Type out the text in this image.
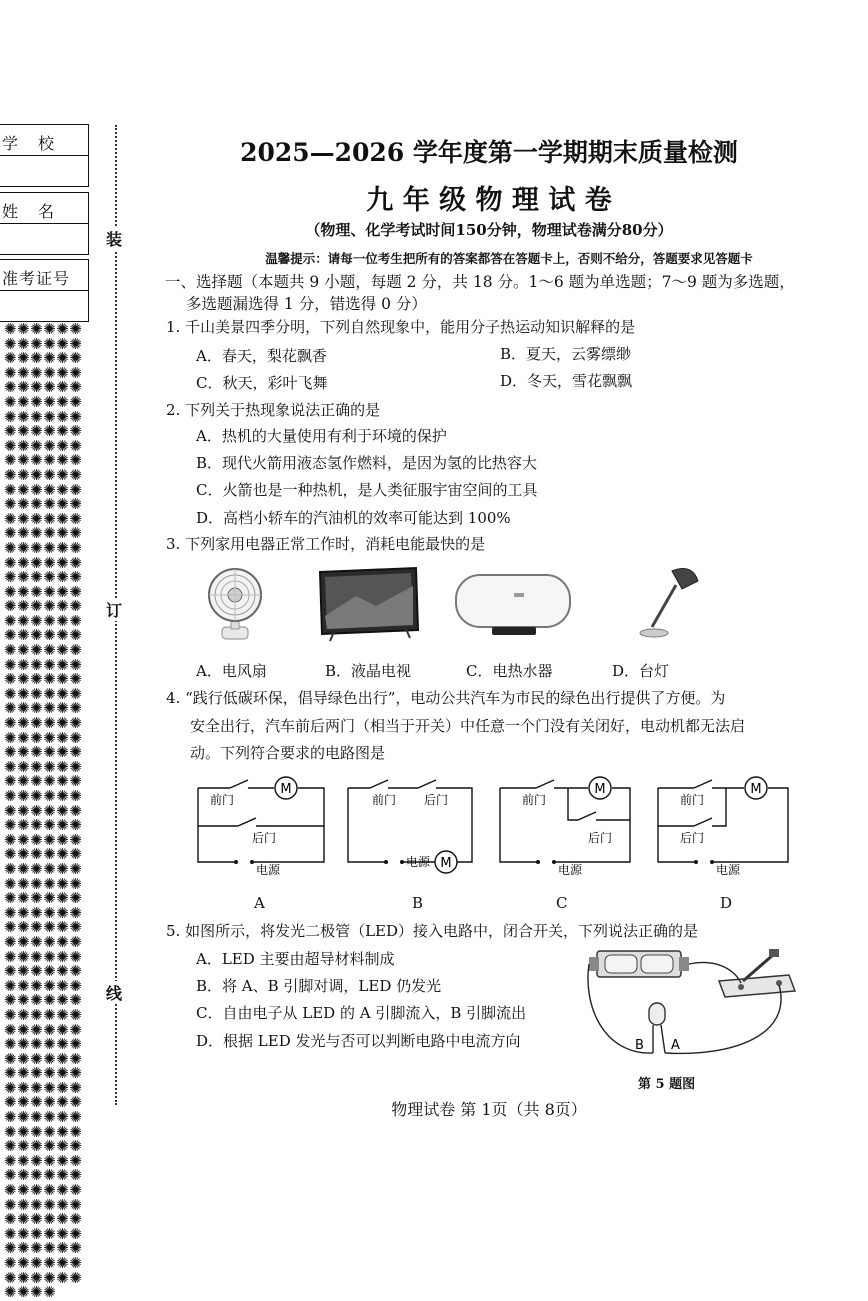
学　校
姓　名
准考证号
✺✺✺✺✺✺✺✺✺✺✺✺✺✺✺✺✺✺✺✺✺✺✺✺✺✺✺✺✺✺✺✺✺✺✺✺✺✺✺✺✺✺✺✺✺✺✺✺✺✺✺✺✺✺✺✺✺✺✺✺✺✺✺✺✺✺✺✺✺✺✺✺✺✺✺✺✺✺✺✺✺✺✺✺✺✺✺✺✺✺✺✺✺✺✺✺✺✺✺✺✺✺✺✺✺✺✺✺✺✺✺✺✺✺✺✺✺✺✺✺✺✺✺✺✺✺✺✺✺✺✺✺✺✺✺✺✺✺✺✺✺✺✺✺✺✺✺✺✺✺✺✺✺✺✺✺✺✺✺✺✺✺✺✺✺✺✺✺✺✺✺✺✺✺✺✺✺✺✺✺✺✺✺✺✺✺✺✺✺✺✺✺✺✺✺✺✺✺✺✺✺✺✺✺✺✺✺✺✺✺✺✺✺✺✺✺✺✺✺✺✺✺✺✺✺✺✺✺✺✺✺✺✺✺✺✺✺✺✺✺✺✺✺✺✺✺✺✺✺✺✺✺✺✺✺✺✺✺✺✺✺✺✺✺✺✺✺✺✺✺✺✺✺✺✺✺✺✺✺✺✺✺✺✺✺✺✺✺✺✺✺✺✺✺✺✺✺✺✺✺✺✺✺✺✺✺✺✺✺✺✺✺✺✺✺✺✺✺✺✺✺✺✺✺✺✺✺✺✺✺✺✺✺✺✺✺✺✺✺✺✺✺✺✺✺✺✺✺✺✺✺✺✺✺✺✺✺✺✺✺✺✺✺✺✺✺✺✺✺✺✺✺✺✺✺✺✺✺✺✺✺✺✺✺✺✺✺✺✺✺✺✺✺✺✺✺✺✺✺✺
装
订
线
2025—2026 学年度第一学期期末质量检测
九 年 级 物 理 试 卷
（物理、化学考试时间150分钟，物理试卷满分80分）
温馨提示：请每一位考生把所有的答案都答在答题卡上，否则不给分，答题要求见答题卡
一、选择题（本题共 9 小题，每题 2 分，共 18 分。1～6 题为单选题；7～9 题为多选题，
多选题漏选得 1 分，错选得 0 分）
1. 千山美景四季分明，下列自然现象中，能用分子热运动知识解释的是
A．春天，梨花飘香	B．夏天，云雾缥缈
C．秋天，彩叶飞舞	D．冬天，雪花飘飘
2. 下列关于热现象说法正确的是
A．热机的大量使用有利于环境的保护
B．现代火箭用液态氢作燃料，是因为氢的比热容大
C．火箭也是一种热机，是人类征服宇宙空间的工具
D．高档小轿车的汽油机的效率可能达到 100%
3. 下列家用电器正常工作时，消耗电能最快的是
A．电风扇	B．液晶电视	C．电热水器	D．台灯
4. “践行低碳环保，倡导绿色出行”，电动公共汽车为市民的绿色出行提供了方便。为
安全出行，汽车前后两门（相当于开关）中任意一个门没有关闭好，电动机都无法启
动。下列符合要求的电路图是
M
前门
后门
电源	M
前门 后门
电源
M
前门
后门
电源
M
前门
后门
电源
A	B	C	D
5. 如图所示，将发光二极管（LED）接入电路中，闭合开关，下列说法正确的是
A．LED 主要由超导材料制成
B．将 A、B 引脚对调，LED 仍发光
C．自由电子从 LED 的 A 引脚流入，B 引脚流出
D．根据 LED 发光与否可以判断电路中电流方向	B A
第 5 题图
物理试卷 第 1页（共 8页）
